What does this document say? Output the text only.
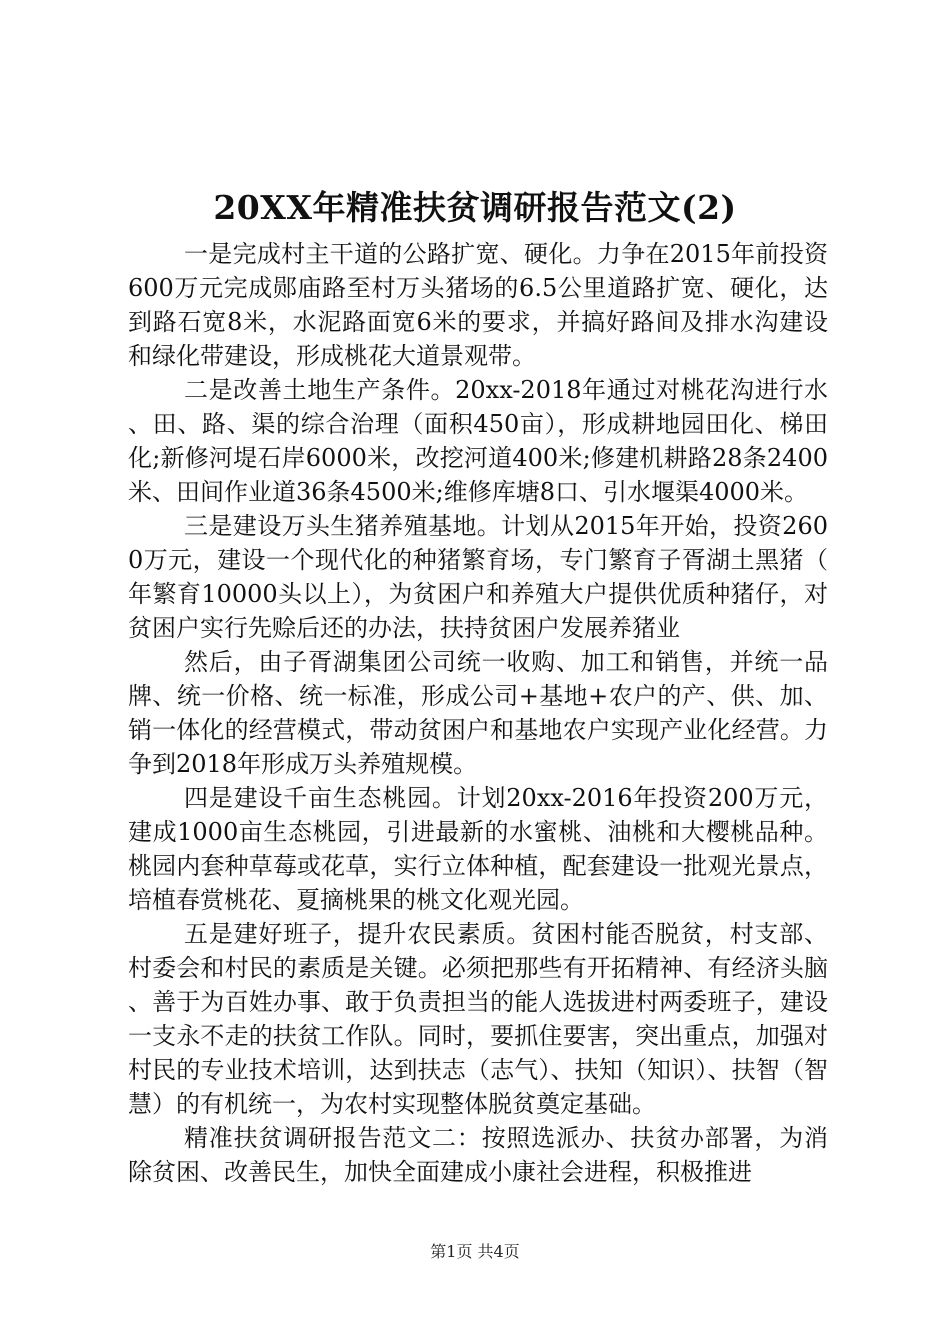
20XX年精准扶贫调研报告范文(2)

一是完成村主干道的公路扩宽、硬化。力争在2015年前投资600万元完成郧庙路至村万头猪场的6.5公里道路扩宽、硬化，达到路石宽8米，水泥路面宽6米的要求，并搞好路间及排水沟建设和绿化带建设，形成桃花大道景观带。

二是改善土地生产条件。20xx-2018年通过对桃花沟进行水、田、路、渠的综合治理（面积450亩），形成耕地园田化、梯田化;新修河堤石岸6000米，改挖河道400米;修建机耕路28条2400米、田间作业道36条4500米;维修库塘8口、引水堰渠4000米。

三是建设万头生猪养殖基地。计划从2015年开始，投资2600万元，建设一个现代化的种猪繁育场，专门繁育子胥湖土黑猪（年繁育10000头以上），为贫困户和养殖大户提供优质种猪仔，对贫困户实行先赊后还的办法，扶持贫困户发展养猪业

然后，由子胥湖集团公司统一收购、加工和销售，并统一品牌、统一价格、统一标准，形成公司+基地+农户的产、供、加、销一体化的经营模式，带动贫困户和基地农户实现产业化经营。力争到2018年形成万头养殖规模。

四是建设千亩生态桃园。计划20xx-2016年投资200万元，建成1000亩生态桃园，引进最新的水蜜桃、油桃和大樱桃品种。桃园内套种草莓或花草，实行立体种植，配套建设一批观光景点，培植春赏桃花、夏摘桃果的桃文化观光园。

五是建好班子，提升农民素质。贫困村能否脱贫，村支部、村委会和村民的素质是关键。必须把那些有开拓精神、有经济头脑、善于为百姓办事、敢于负责担当的能人选拔进村两委班子，建设一支永不走的扶贫工作队。同时，要抓住要害，突出重点，加强对村民的专业技术培训，达到扶志（志气）、扶知（知识）、扶智（智慧）的有机统一，为农村实现整体脱贫奠定基础。

精准扶贫调研报告范文二：按照选派办、扶贫办部署，为消除贫困、改善民生，加快全面建成小康社会进程，积极推进

第1页 共4页
